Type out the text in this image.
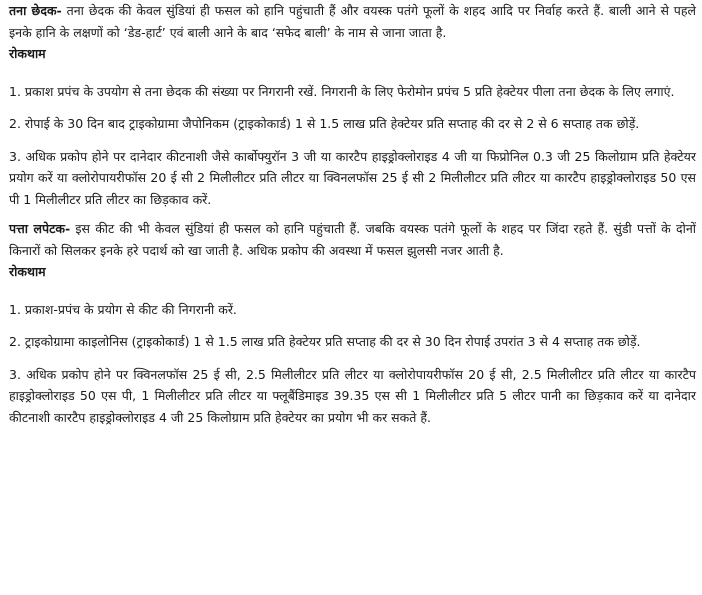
तना छेदक- तना छेदक की केवल सुंडियां ही फसल को हानि पहुंचाती हैं और वयस्क पतंगे फूलों के शहद आदि पर निर्वाह करते हैं. बाली आने से पहले इनके हानि के लक्षणों को ‘डेड-हार्ट’ एवं बाली आने के बाद ‘सफेद बाली’ के नाम से जाना जाता है.

रोकथाम

1. प्रकाश प्रपंच के उपयोग से तना छेदक की संख्या पर निगरानी रखें. निगरानी के लिए फेरोमोन प्रपंच 5 प्रति हेक्टेयर पीला तना छेदक के लिए लगाएं.

2. रोपाई के 30 दिन बाद ट्राइकोग्रामा जैपोनिकम (ट्राइकोकार्ड) 1 से 1.5 लाख प्रति हेक्टेयर प्रति सप्ताह की दर से 2 से 6 सप्ताह तक छोड़ें.

3. अधिक प्रकोप होने पर दानेदार कीटनाशी जैसे कार्बोफ्युरॉन 3 जी या कारटैप हाइड्रोक्लोराइड 4 जी या फिप्रोनिल 0.3 जी 25 किलोग्राम प्रति हेक्टेयर प्रयोग करें या क्लोरोपायरीफॉस 20 ई सी 2 मिलीलीटर प्रति लीटर या क्विनलफॉस 25 ई सी 2 मिलीलीटर प्रति लीटर या कारटैप हाइड्रोक्लोराइड 50 एस पी 1 मिलीलीटर प्रति लीटर का छिड़काव करें.

पत्ता लपेटक- इस कीट की भी केवल सुंडियां ही फसल को हानि पहुंचाती हैं. जबकि वयस्क पतंगे फूलों के शहद पर जिंदा रहते हैं. सुंडी पत्तों के दोनों किनारों को सिलकर इनके हरे पदार्थ को खा जाती है. अधिक प्रकोप की अवस्था में फसल झुलसी नजर आती है.

रोकथाम

1. प्रकाश-प्रपंच के प्रयोग से कीट की निगरानी करें.

2. ट्राइकोग्रामा काइलोनिस (ट्राइकोकार्ड) 1 से 1.5 लाख प्रति हेक्टेयर प्रति सप्ताह की दर से 30 दिन रोपाई उपरांत 3 से 4 सप्ताह तक छोड़ें.

3. अधिक प्रकोप होने पर क्विनलफॉस 25 ई सी, 2.5 मिलीलीटर प्रति लीटर या क्लोरोपायरीफॉस 20 ई सी, 2.5 मिलीलीटर प्रति लीटर या कारटैप हाइड्रोक्लोराइड 50 एस पी, 1 मिलीलीटर प्रति लीटर या फ्लूबैंडिमाइड 39.35 एस सी 1 मिलीलीटर प्रति 5 लीटर पानी का छिड़काव करें या दानेदार कीटनाशी कारटैप हाइड्रोक्लोराइड 4 जी 25 किलोग्राम प्रति हेक्टेयर का प्रयोग भी कर सकते हैं.
